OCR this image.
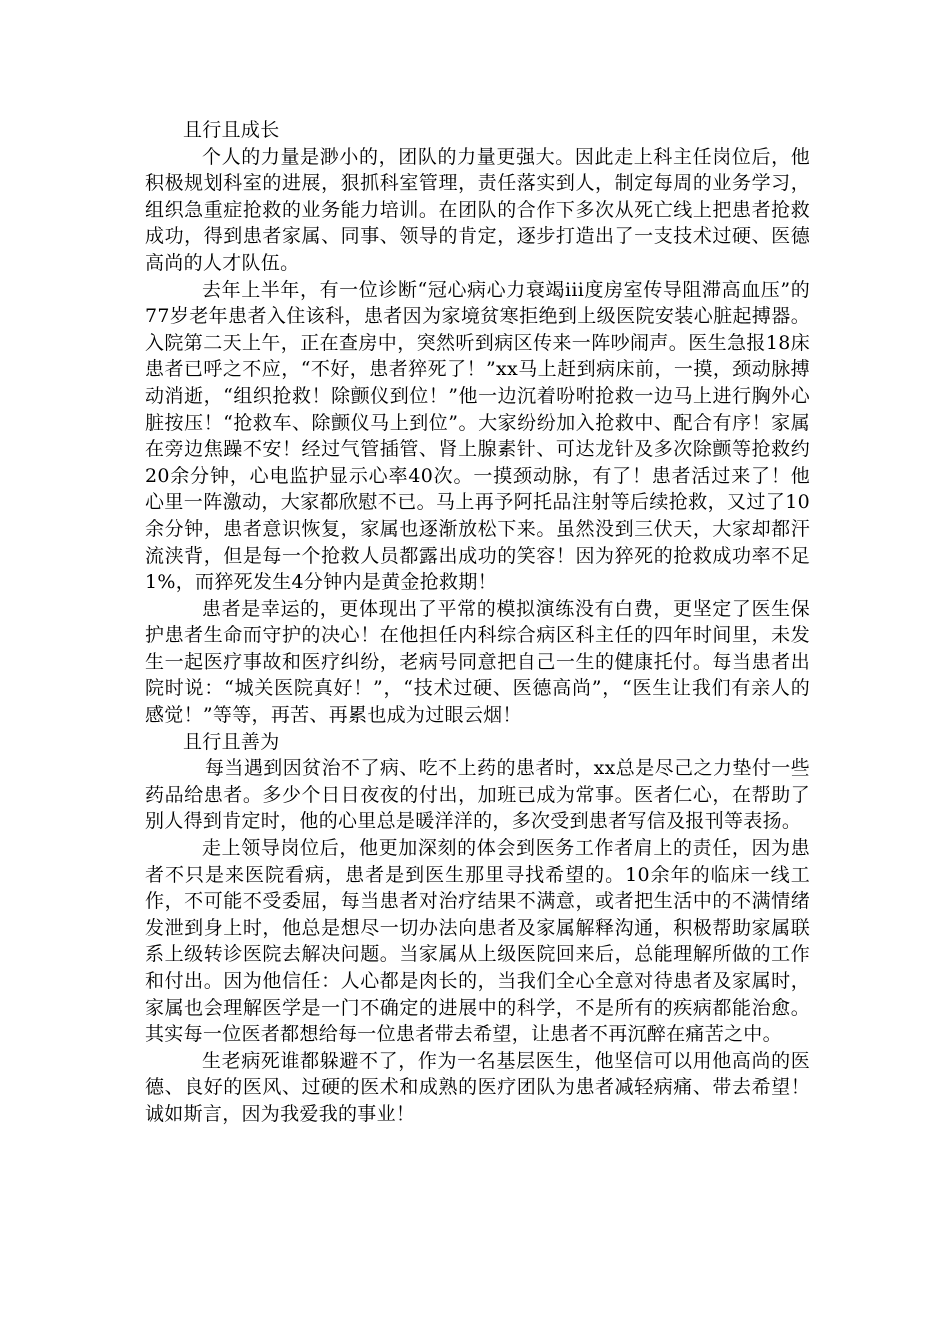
且行且成长

个人的力量是渺小的，团队的力量更强大。因此走上科主任岗位后，他积极规划科室的进展，狠抓科室管理，责任落实到人，制定每周的业务学习，组织急重症抢救的业务能力培训。在团队的合作下多次从死亡线上把患者抢救成功，得到患者家属、同事、领导的肯定，逐步打造出了一支技术过硬、医德高尚的人才队伍。

去年上半年，有一位诊断“冠心病心力衰竭iii度房室传导阻滞高血压”的77岁老年患者入住该科，患者因为家境贫寒拒绝到上级医院安装心脏起搏器。入院第二天上午，正在查房中，突然听到病区传来一阵吵闹声。医生急报18床患者已呼之不应，“不好，患者猝死了！”xx马上赶到病床前，一摸，颈动脉搏动消逝，“组织抢救！除颤仪到位！”他一边沉着吩咐抢救一边马上进行胸外心脏按压！“抢救车、除颤仪马上到位”。大家纷纷加入抢救中、配合有序！家属在旁边焦躁不安！经过气管插管、肾上腺素针、可达龙针及多次除颤等抢救约20余分钟，心电监护显示心率40次。一摸颈动脉，有了！患者活过来了！他心里一阵激动，大家都欣慰不已。马上再予阿托品注射等后续抢救，又过了10余分钟，患者意识恢复，家属也逐渐放松下来。虽然没到三伏天，大家却都汗流浃背，但是每一个抢救人员都露出成功的笑容！因为猝死的抢救成功率不足1%，而猝死发生4分钟内是黄金抢救期！

患者是幸运的，更体现出了平常的模拟演练没有白费，更坚定了医生保护患者生命而守护的决心！在他担任内科综合病区科主任的四年时间里，未发生一起医疗事故和医疗纠纷，老病号同意把自己一生的健康托付。每当患者出院时说：“城关医院真好！”，“技术过硬、医德高尚”，“医生让我们有亲人的感觉！”等等，再苦、再累也成为过眼云烟！

且行且善为

每当遇到因贫治不了病、吃不上药的患者时，xx总是尽己之力垫付一些药品给患者。多少个日日夜夜的付出，加班已成为常事。医者仁心，在帮助了别人得到肯定时，他的心里总是暖洋洋的，多次受到患者写信及报刊等表扬。

走上领导岗位后，他更加深刻的体会到医务工作者肩上的责任，因为患者不只是来医院看病，患者是到医生那里寻找希望的。10余年的临床一线工作，不可能不受委屈，每当患者对治疗结果不满意，或者把生活中的不满情绪发泄到身上时，他总是想尽一切办法向患者及家属解释沟通，积极帮助家属联系上级转诊医院去解决问题。当家属从上级医院回来后，总能理解所做的工作和付出。因为他信任：人心都是肉长的，当我们全心全意对待患者及家属时，家属也会理解医学是一门不确定的进展中的科学，不是所有的疾病都能治愈。其实每一位医者都想给每一位患者带去希望，让患者不再沉醉在痛苦之中。

生老病死谁都躲避不了，作为一名基层医生，他坚信可以用他高尚的医德、良好的医风、过硬的医术和成熟的医疗团队为患者减轻病痛、带去希望！诚如斯言，因为我爱我的事业！
